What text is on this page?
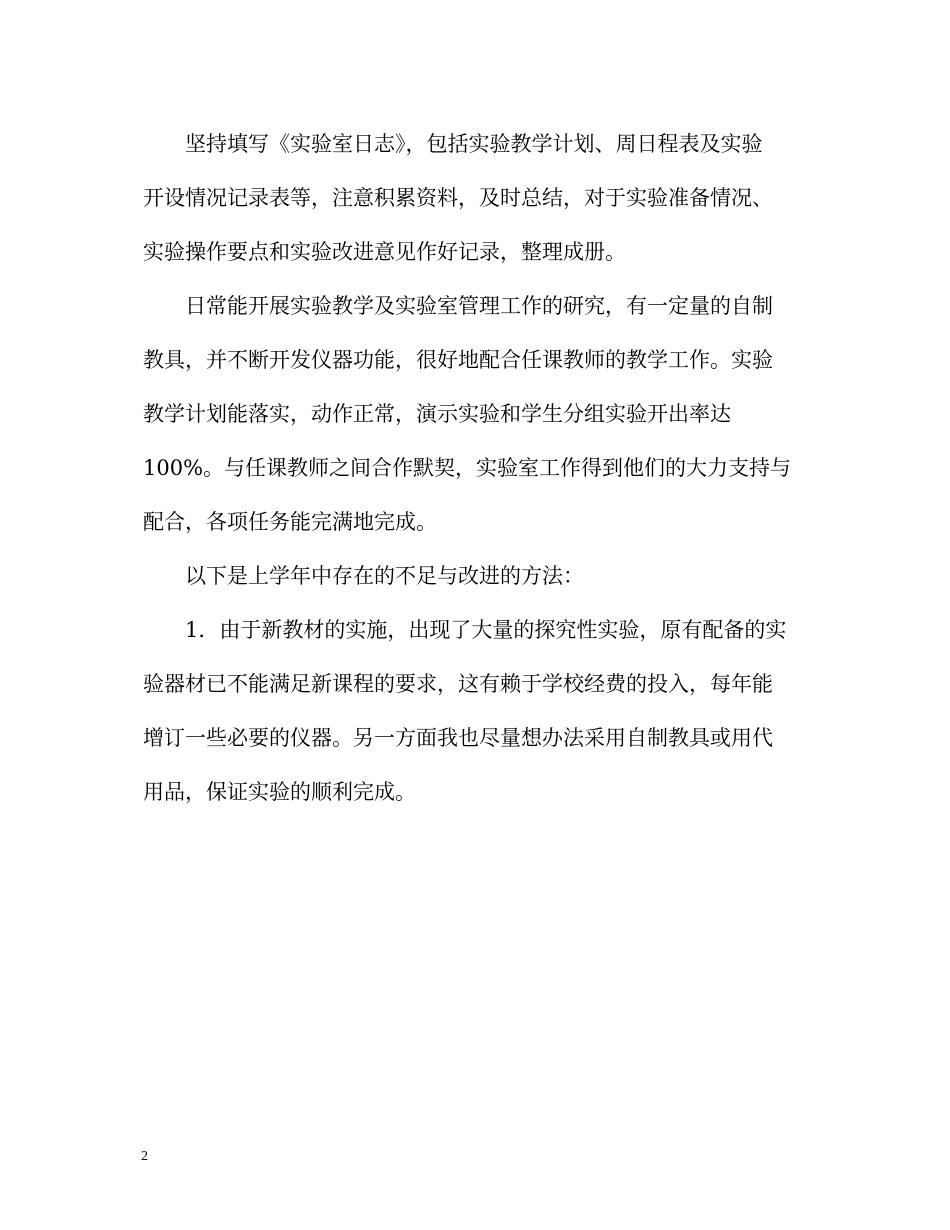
坚持填写《实验室日志》，包括实验教学计划、周日程表及实验
开设情况记录表等，注意积累资料，及时总结，对于实验准备情况、
实验操作要点和实验改进意见作好记录，整理成册。
日常能开展实验教学及实验室管理工作的研究，有一定量的自制
教具，并不断开发仪器功能，很好地配合任课教师的教学工作。实验
教学计划能落实，动作正常，演示实验和学生分组实验开出率达
100%。与任课教师之间合作默契，实验室工作得到他们的大力支持与
配合，各项任务能完满地完成。
以下是上学年中存在的不足与改进的方法：
1．由于新教材的实施，出现了大量的探究性实验，原有配备的实
验器材已不能满足新课程的要求，这有赖于学校经费的投入，每年能
增订一些必要的仪器。另一方面我也尽量想办法采用自制教具或用代
用品，保证实验的顺利完成。
2
